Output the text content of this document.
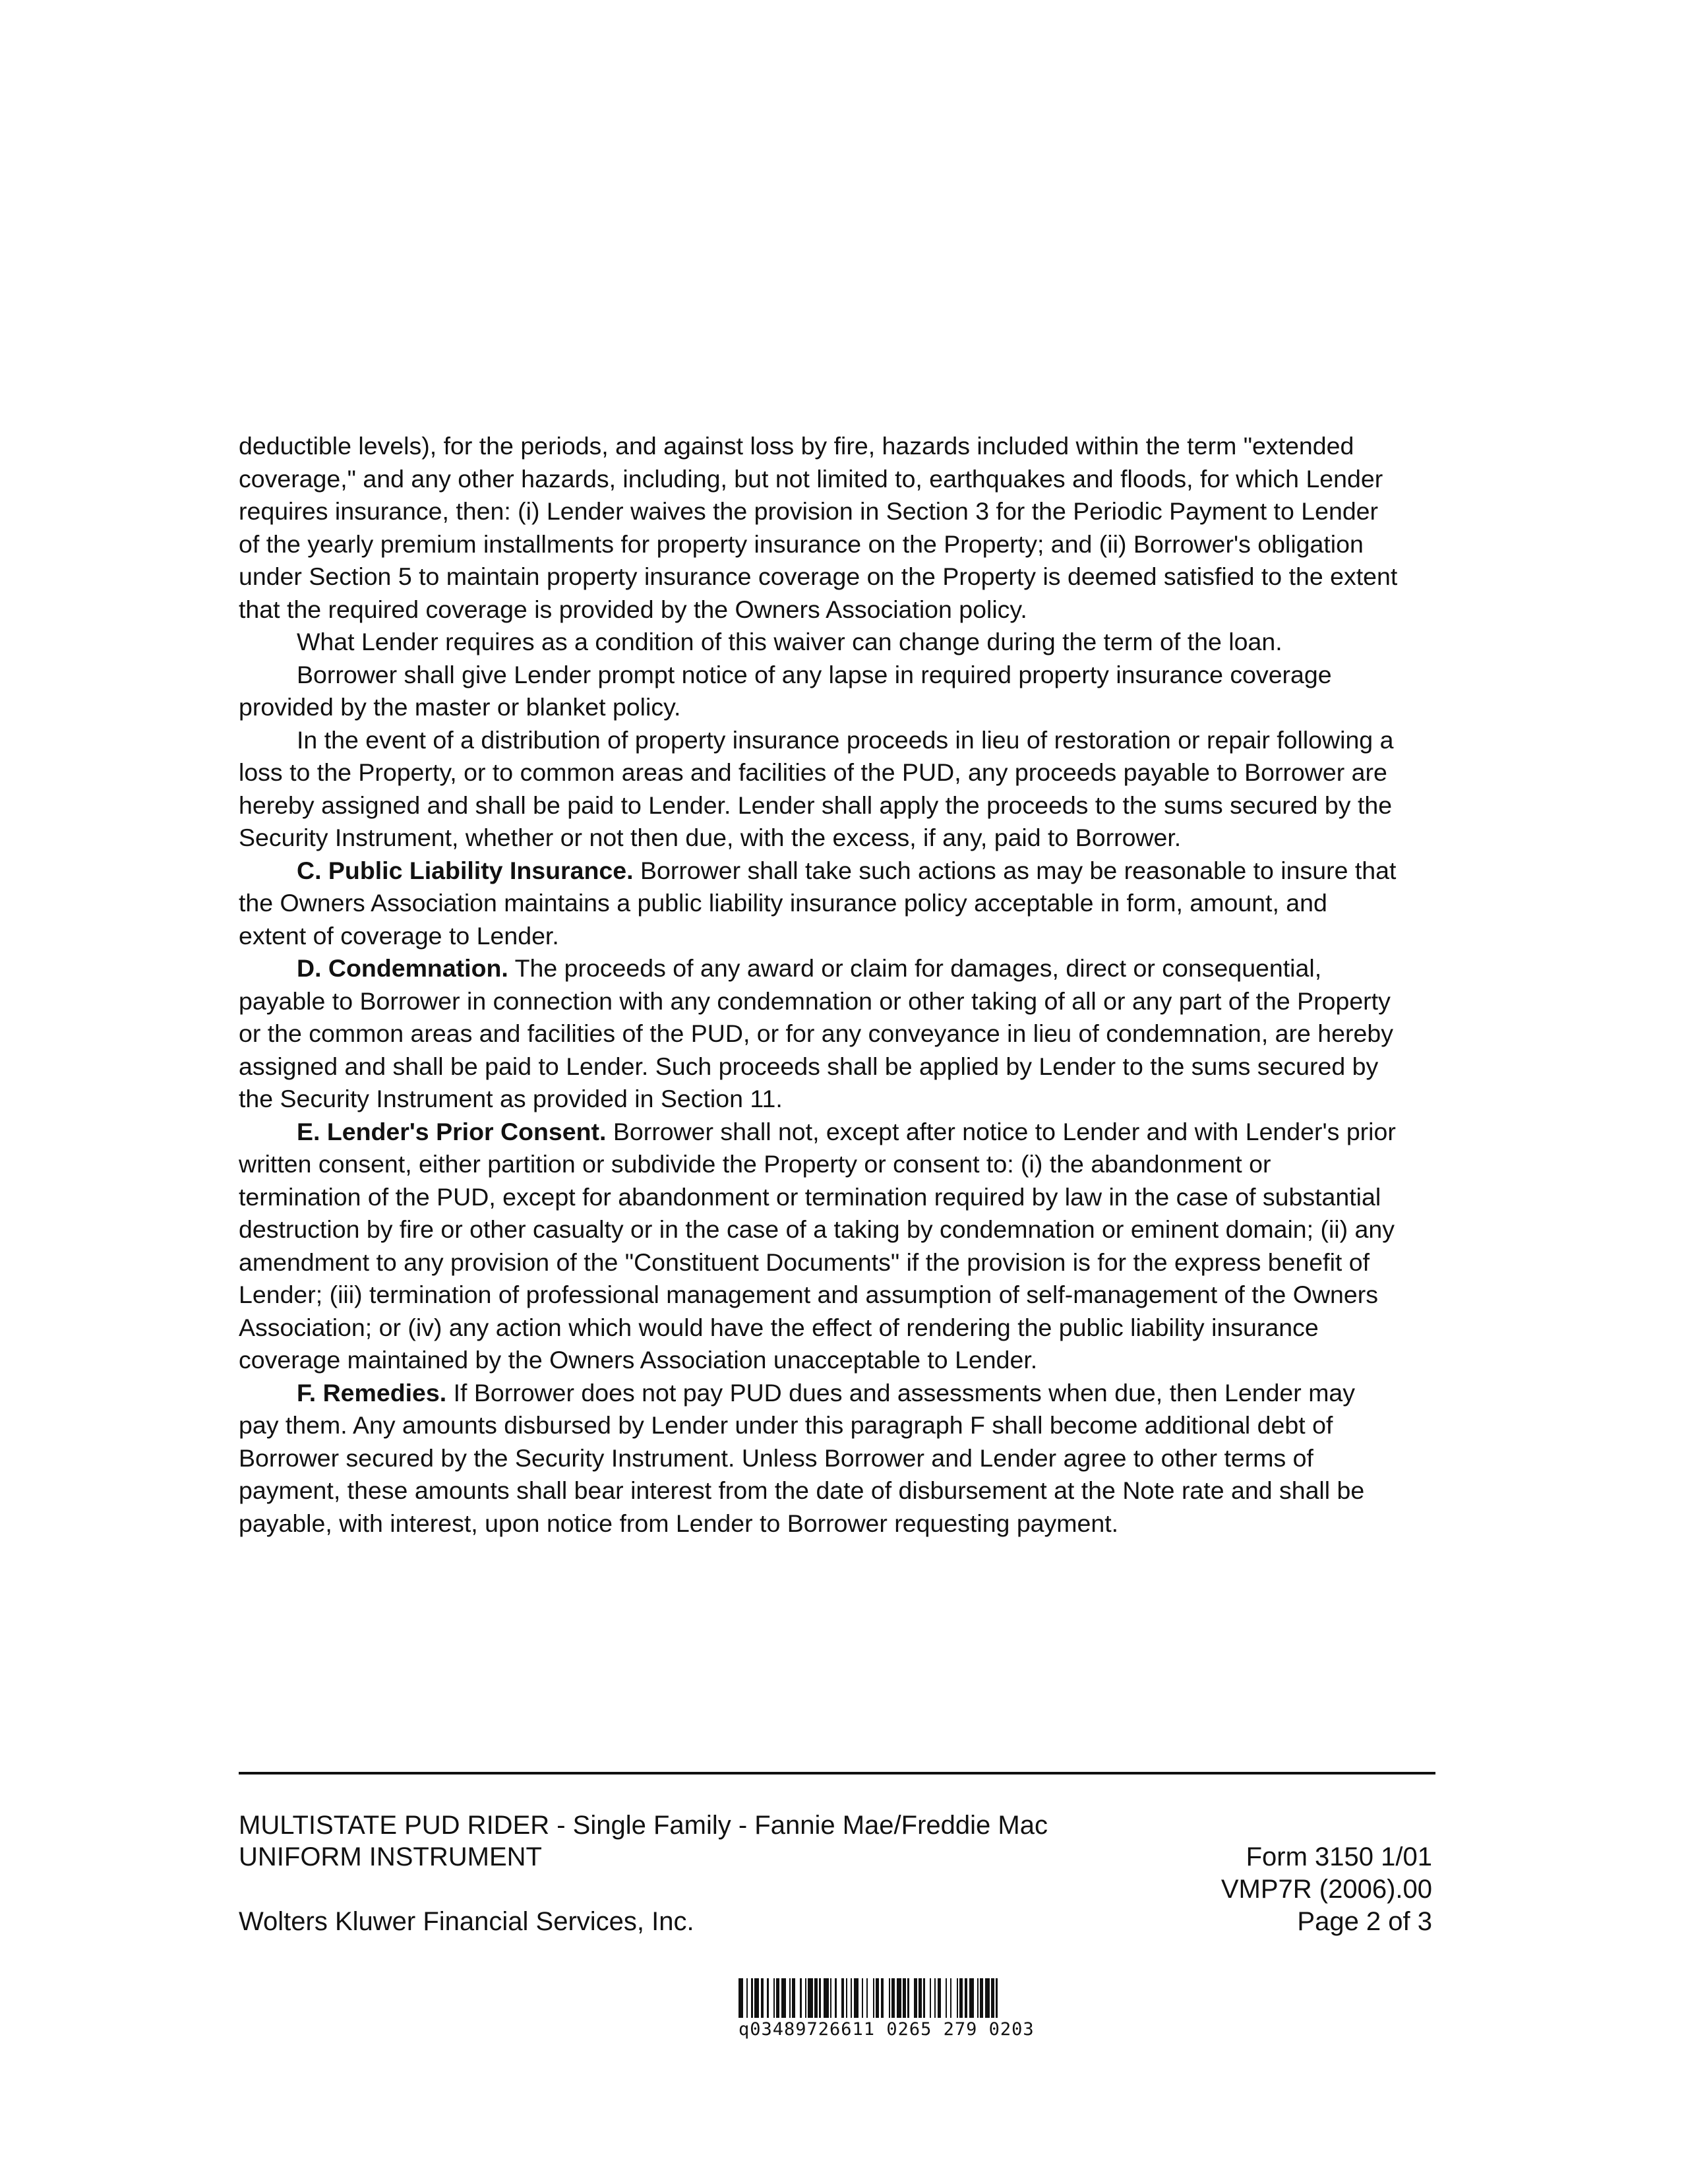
deductible levels), for the periods, and against loss by fire, hazards included within the term "extended coverage," and any other hazards, including, but not limited to, earthquakes and floods, for which Lender requires insurance, then: (i) Lender waives the provision in Section 3 for the Periodic Payment to Lender of the yearly premium installments for property insurance on the Property; and (ii) Borrower's obligation under Section 5 to maintain property insurance coverage on the Property is deemed satisfied to the extent that the required coverage is provided by the Owners Association policy.

What Lender requires as a condition of this waiver can change during the term of the loan.

Borrower shall give Lender prompt notice of any lapse in required property insurance coverage provided by the master or blanket policy.

In the event of a distribution of property insurance proceeds in lieu of restoration or repair following a loss to the Property, or to common areas and facilities of the PUD, any proceeds payable to Borrower are hereby assigned and shall be paid to Lender. Lender shall apply the proceeds to the sums secured by the Security Instrument, whether or not then due, with the excess, if any, paid to Borrower.

C. Public Liability Insurance. Borrower shall take such actions as may be reasonable to insure that the Owners Association maintains a public liability insurance policy acceptable in form, amount, and extent of coverage to Lender.

D. Condemnation. The proceeds of any award or claim for damages, direct or consequential, payable to Borrower in connection with any condemnation or other taking of all or any part of the Property or the common areas and facilities of the PUD, or for any conveyance in lieu of condemnation, are hereby assigned and shall be paid to Lender. Such proceeds shall be applied by Lender to the sums secured by the Security Instrument as provided in Section 11.

E. Lender's Prior Consent. Borrower shall not, except after notice to Lender and with Lender's prior written consent, either partition or subdivide the Property or consent to: (i) the abandonment or termination of the PUD, except for abandonment or termination required by law in the case of substantial destruction by fire or other casualty or in the case of a taking by condemnation or eminent domain; (ii) any amendment to any provision of the "Constituent Documents" if the provision is for the express benefit of Lender; (iii) termination of professional management and assumption of self-management of the Owners Association; or (iv) any action which would have the effect of rendering the public liability insurance coverage maintained by the Owners Association unacceptable to Lender.

F. Remedies. If Borrower does not pay PUD dues and assessments when due, then Lender may pay them. Any amounts disbursed by Lender under this paragraph F shall become additional debt of Borrower secured by the Security Instrument. Unless Borrower and Lender agree to other terms of payment, these amounts shall bear interest from the date of disbursement at the Note rate and shall be payable, with interest, upon notice from Lender to Borrower requesting payment.

MULTISTATE PUD RIDER - Single Family - Fannie Mae/Freddie Mac
UNIFORM INSTRUMENT	Form 3150 1/01
VMP7R (2006).00
Wolters Kluwer Financial Services, Inc.	Page 2 of 3
q03489726611 0265 279 0203
